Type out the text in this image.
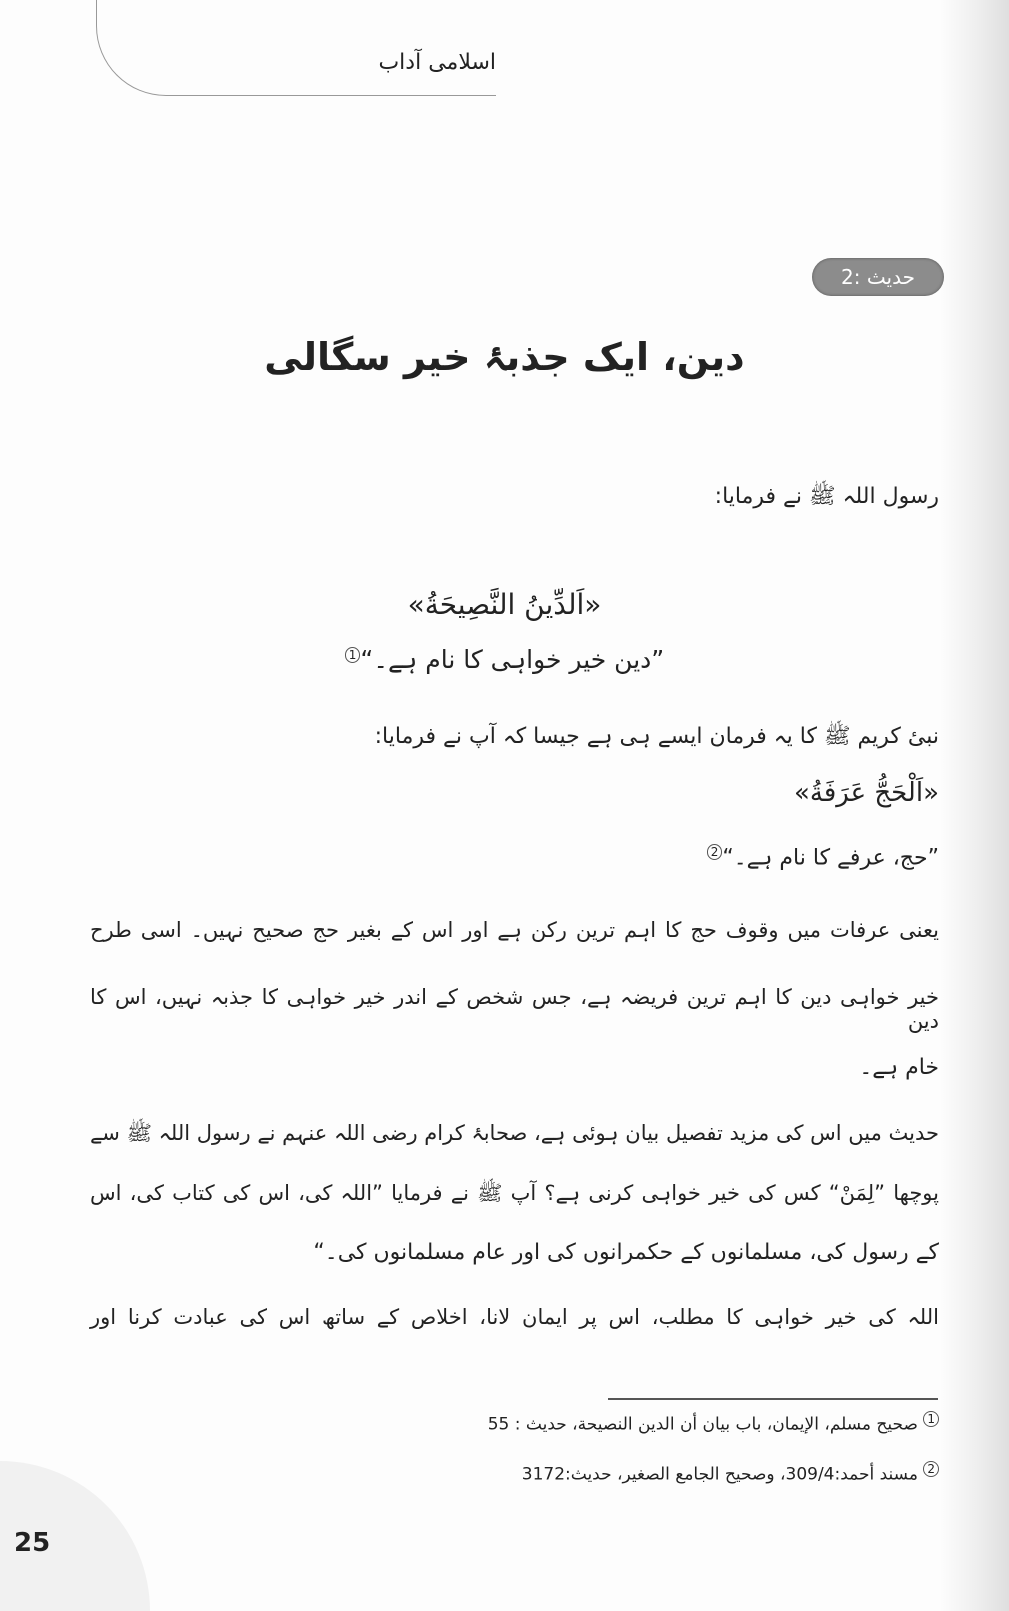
اسلامی آداب
حدیث :2
دین، ایک جذبۂ خیر سگالی
رسول اللہ ﷺ نے فرمایا:
«اَلدِّینُ النَّصِیحَةُ»
”دین خیر خواہی کا نام ہے۔“$^1$
نبیٔ کریم ﷺ کا یہ فرمان ایسے ہی ہے جیسا کہ آپ نے فرمایا:
«اَلْحَجُّ عَرَفَةُ»
”حج، عرفے کا نام ہے۔“$^2$
یعنی عرفات میں وقوف حج کا اہم ترین رکن ہے اور اس کے بغیر حج صحیح نہیں۔ اسی طرح
خیر خواہی دین کا اہم ترین فریضہ ہے، جس شخص کے اندر خیر خواہی کا جذبہ نہیں، اس کا دین
خام ہے۔
حدیث میں اس کی مزید تفصیل بیان ہوئی ہے، صحابۂ کرام رضی اللہ عنہم نے رسول اللہ ﷺ سے
پوچھا ”لِمَنْ“ کس کی خیر خواہی کرنی ہے؟ آپ ﷺ نے فرمایا ”اللہ کی، اس کی کتاب کی، اس
کے رسول کی، مسلمانوں کے حکمرانوں کی اور عام مسلمانوں کی۔“
اللہ کی خیر خواہی کا مطلب، اس پر ایمان لانا، اخلاص کے ساتھ اس کی عبادت کرنا اور
$^1$ صحيح مسلم، الإيمان، باب بيان أن الدين النصيحة، حديث : 55
$^2$ مسند أحمد:309/4، وصحيح الجامع الصغير، حديث:3172
25
